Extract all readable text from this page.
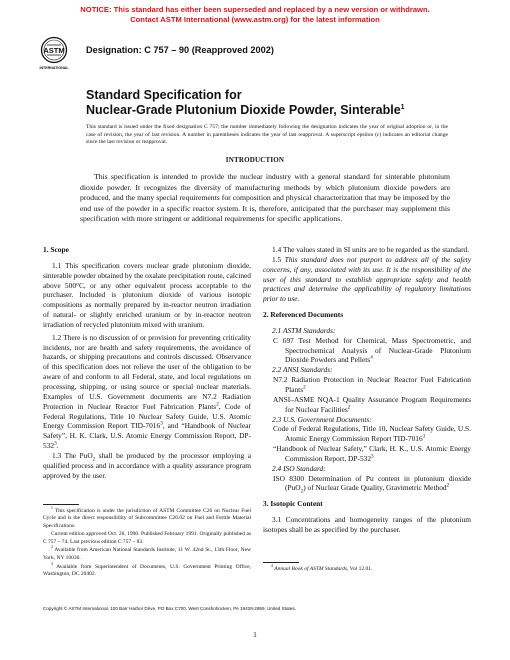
NOTICE: This standard has either been superseded and replaced by a new version or withdrawn.
Contact ASTM International (www.astm.org) for the latest information
ASTM
INTERNATIONAL
Designation: C 757 – 90 (Reapproved 2002)
Standard Specification for
Nuclear-Grade Plutonium Dioxide Powder, Sinterable$^1$
This standard is issued under the fixed designation C 757; the number immediately following the designation indicates the year of original adoption or, in the case of revision, the year of last revision. A number in parentheses indicates the year of last reapproval. A superscript epsilon (ε) indicates an editorial change since the last revision or reapproval.
INTRODUCTION
This specification is intended to provide the nuclear industry with a general standard for sinterable plutonium dioxide powder. It recognizes the diversity of manufacturing methods by which plutonium dioxide powders are produced, and the many special requirements for composition and physical characterization that may be imposed by the end use of the powder in a specific reactor system. It is, therefore, anticipated that the purchaser may supplement this specification with more stringent or additional requirements for specific applications.

1. Scope

1.1 This specification covers nuclear grade plutonium dioxide, sinterable powder obtained by the oxalate precipitation route, calcined above 500°C, or any other equivalent process acceptable to the purchaser. Included is plutonium dioxide of various isotopic compositions as normally prepared by in-reactor neutron irradiation of natural- or slightly enriched uranium or by in-reactor neutron irradiation of recycled plutonium mixed with uranium.

1.2 There is no discussion of or provision for preventing criticality incidents, nor are health and safety requirements, the avoidance of hazards, or shipping precautions and controls discussed. Observance of this specification does not relieve the user of the obligation to be aware of and conform to all Federal, state, and local regulations on processing, shipping, or using source or special nuclear materials. Examples of U.S. Government documents are N7.2 Radiation Protection in Nuclear Reactor Fuel Fabrication Plants$^2$, Code of Federal Regulations, Title 10 Nuclear Safety Guide, U.S. Atomic Energy Commission Report TID-7016$^3$, and “Handbook of Nuclear Safety”, H. K. Clark, U.S. Atomic Energy Commission Report, $DP-532^3$.

1.3 The PuO$_2$ shall be produced by the processor employing a qualified process and in accordance with a quality assurance program approved by the user.

1.4 The values stated in SI units are to be regarded as the standard.

1.5 This standard does not purport to address all of the safety concerns, if any, associated with its use. It is the responsibility of the user of this standard to establish appropriate safety and health practices and determine the applicability of regulatory limitations prior to use.

2. Referenced Documents

2.1 ASTM Standards:

C 697 Test Method for Chemical, Mass Spectrometric, and Spectrochemical Analysis of Nuclear-Grade Plutonium Dioxide Powders and Pellets$^4$

2.2 ANSI Standards:

N7.2 Radiation Protection in Nuclear Reactor Fuel Fabrication Plants$^2$

ANSI–ASME NQA-1 Quality Assurance Program Requirements for Nuclear Facilities$^2$

2.3 U.S. Government Documents:

Code of Federal Regulations, Title 10, Nuclear Safety Guide, U.S. Atomic Energy Commission Report TID-7016$^3$

“Handbook of Nuclear Safety,” Clark, H. K., U.S. Atomic Energy Commission Report, $DP-532^3$

2.4 ISO Standard:

ISO 8300 Determination of Pu content in plutonium dioxide (PuO$_2$) of Nuclear Grade Quality, Gravimetric Method$^2$

3. Isotopic Content

3.1 Concentrations and homogeneity ranges of the plutonium isotopes shall be as specified by the purchaser.

$^1$ This specification is under the jurisdiction of ASTM Committee C26 on Nuclear Fuel Cycle and is the direct responsibility of Subcommittee C26.02 on Fuel and Fertile Material Specifications.

Current edition approved Oct. 26, 1990. Published February 1991. Originally published as C 757 – 74. Last previous edition C 757 – 83.

$^2$ Available from American National Standards Institute, 11 W. 42nd St., 13th Floor, New York, NY 10036.

$^3$ Available from Superintendent of Documents, U.S. Government Printing Office, Washington, DC 20402.

$^4$ Annual Book of ASTM Standards, Vol 12.01.

Copyright © ASTM International, 100 Barr Harbor Drive, PO Box C700, West Conshohocken, PA 19428-2959, United States.
1
